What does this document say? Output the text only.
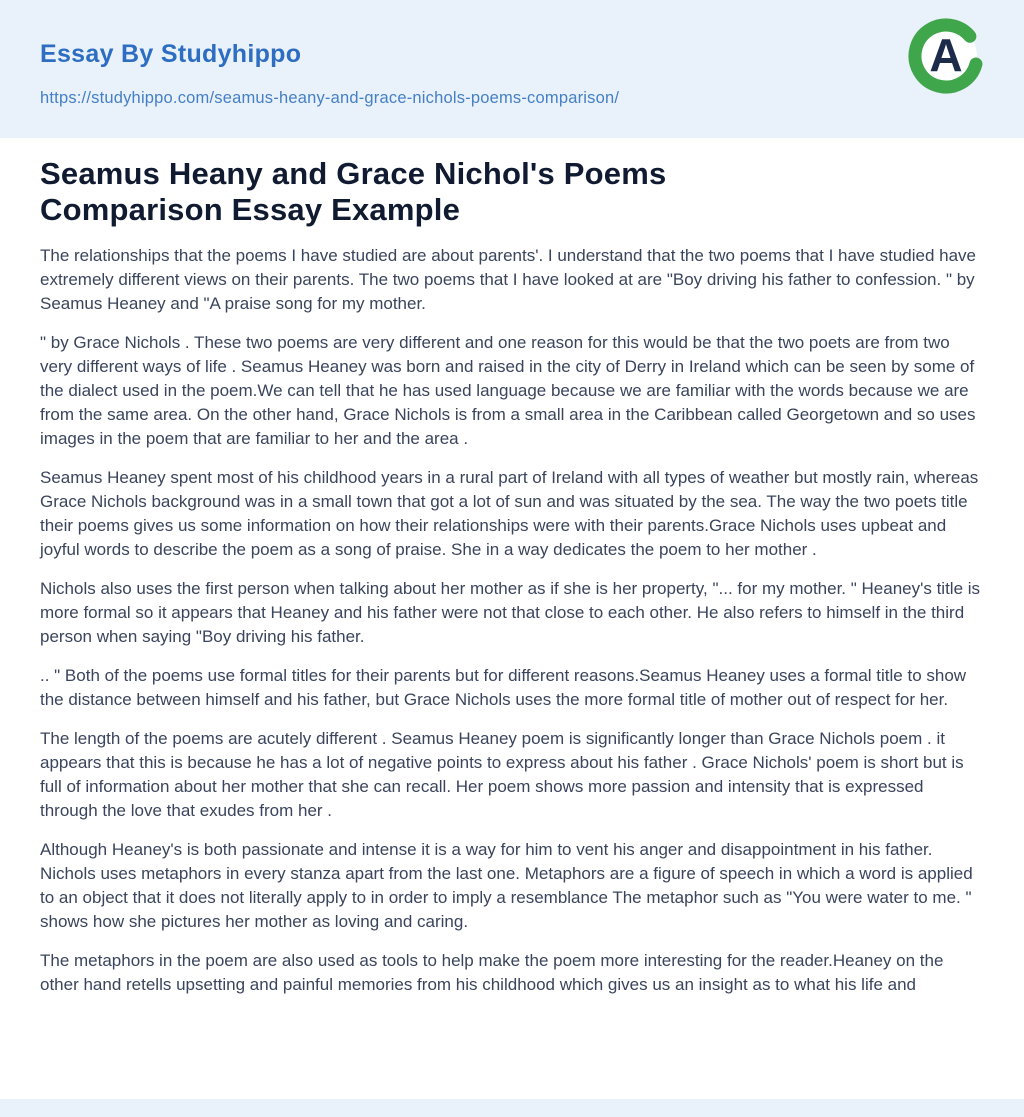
Essay By Studyhippo
https://studyhippo.com/seamus-heany-and-grace-nichols-poems-comparison/
A
Seamus Heany and Grace Nichol's Poems Comparison Essay Example

The relationships that the poems I have studied are about parents'. I understand that the two poems that I have studied have extremely different views on their parents. The two poems that I have looked at are "Boy driving his father to confession. " by Seamus Heaney and "A praise song for my mother.

" by Grace Nichols . These two poems are very different and one reason for this would be that the two poets are from two very different ways of life . Seamus Heaney was born and raised in the city of Derry in Ireland which can be seen by some of the dialect used in the poem.We can tell that he has used language because we are familiar with the words because we are from the same area. On the other hand, Grace Nichols is from a small area in the Caribbean called Georgetown and so uses images in the poem that are familiar to her and the area .

Seamus Heaney spent most of his childhood years in a rural part of Ireland with all types of weather but mostly rain, whereas Grace Nichols background was in a small town that got a lot of sun and was situated by the sea. The way the two poets title their poems gives us some information on how their relationships were with their parents.Grace Nichols uses upbeat and joyful words to describe the poem as a song of praise. She in a way dedicates the poem to her mother .

Nichols also uses the first person when talking about her mother as if she is her property, "... for my mother. " Heaney's title is more formal so it appears that Heaney and his father were not that close to each other. He also refers to himself in the third person when saying "Boy driving his father.

.. " Both of the poems use formal titles for their parents but for different reasons.Seamus Heaney uses a formal title to show the distance between himself and his father, but Grace Nichols uses the more formal title of mother out of respect for her.

The length of the poems are acutely different . Seamus Heaney poem is significantly longer than Grace Nichols poem . it appears that this is because he has a lot of negative points to express about his father . Grace Nichols' poem is short but is full of information about her mother that she can recall. Her poem shows more passion and intensity that is expressed through the love that exudes from her .

Although Heaney's is both passionate and intense it is a way for him to vent his anger and disappointment in his father. Nichols uses metaphors in every stanza apart from the last one. Metaphors are a figure of speech in which a word is applied to an object that it does not literally apply to in order to imply a resemblance The metaphor such as "You were water to me. " shows how she pictures her mother as loving and caring.

The metaphors in the poem are also used as tools to help make the poem more interesting for the reader.Heaney on the other hand retells upsetting and painful memories from his childhood which gives us an insight as to what his life and
